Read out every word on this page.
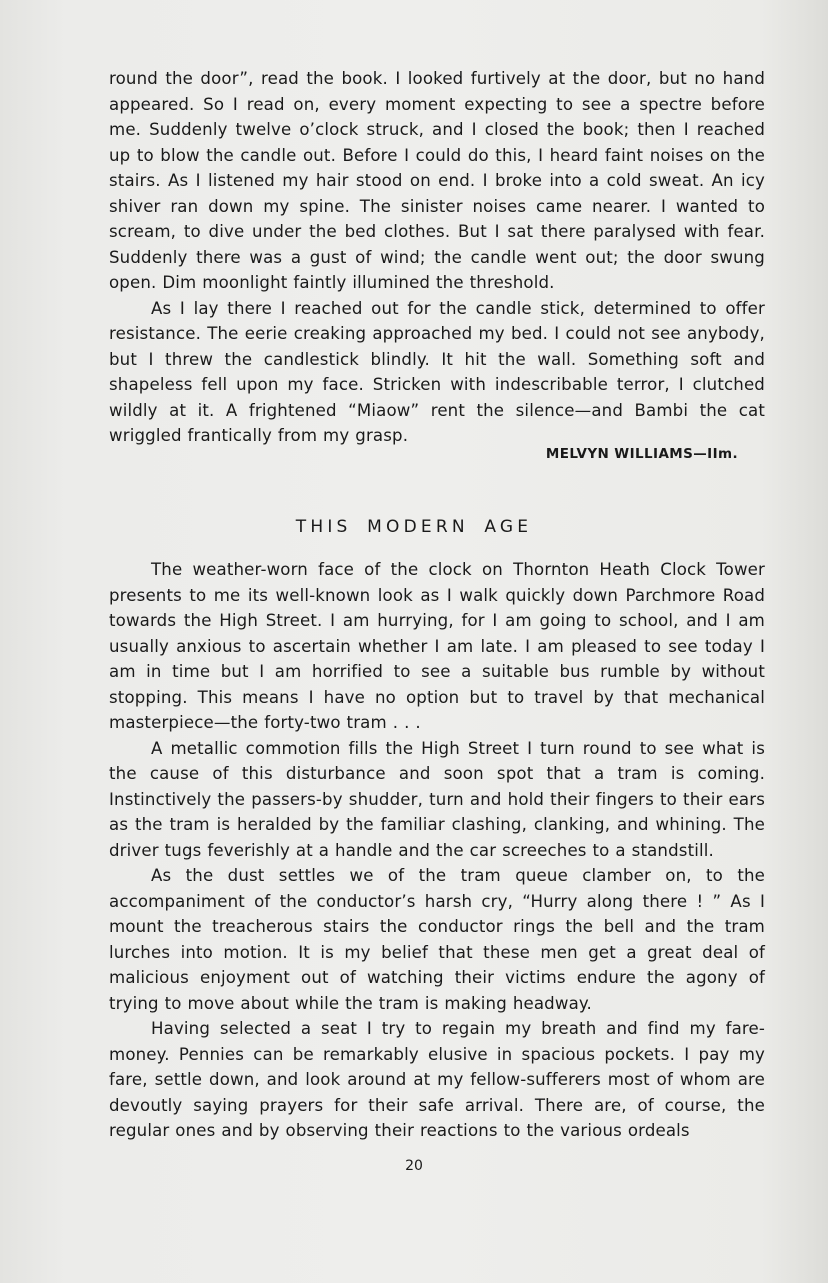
round the door”, read the book. I looked furtively at the door, but no hand appeared. So I read on, every moment expecting to see a spectre before me. Suddenly twelve o’clock struck, and I closed the book; then I reached up to blow the candle out. Before I could do this, I heard faint noises on the stairs. As I listened my hair stood on end. I broke into a cold sweat. An icy shiver ran down my spine. The sinister noises came nearer. I wanted to scream, to dive under the bed clothes. But I sat there paralysed with fear. Suddenly there was a gust of wind; the candle went out; the door swung open. Dim moonlight faintly illumined the threshold.

As I lay there I reached out for the candle stick, determined to offer resistance. The eerie creaking approached my bed. I could not see anybody, but I threw the candlestick blindly. It hit the wall. Something soft and shapeless fell upon my face. Stricken with indescribable terror, I clutched wildly at it. A frightened “Miaow” rent the silence—and Bambi the cat wriggled frantically from my grasp.

MELVYN WILLIAMS—IIm.
THIS MODERN AGE

The weather-worn face of the clock on Thornton Heath Clock Tower presents to me its well-known look as I walk quickly down Parchmore Road towards the High Street. I am hurrying, for I am going to school, and I am usually anxious to ascertain whether I am late. I am pleased to see today I am in time but I am horrified to see a suitable bus rumble by without stopping. This means I have no option but to travel by that mechanical masterpiece—the forty-two tram . . .

A metallic commotion fills the High Street I turn round to see what is the cause of this disturbance and soon spot that a tram is coming. Instinctively the passers-by shudder, turn and hold their fingers to their ears as the tram is heralded by the familiar clashing, clanking, and whining. The driver tugs feverishly at a handle and the car screeches to a standstill.

As the dust settles we of the tram queue clamber on, to the accompaniment of the conductor’s harsh cry, “Hurry along there ! ” As I mount the treacherous stairs the conductor rings the bell and the tram lurches into motion. It is my belief that these men get a great deal of malicious enjoyment out of watching their victims endure the agony of trying to move about while the tram is making headway.

Having selected a seat I try to regain my breath and find my fare-money. Pennies can be remarkably elusive in spacious pockets. I pay my fare, settle down, and look around at my fellow-sufferers most of whom are devoutly saying prayers for their safe arrival. There are, of course, the regular ones and by observing their reactions to the various ordeals

20
